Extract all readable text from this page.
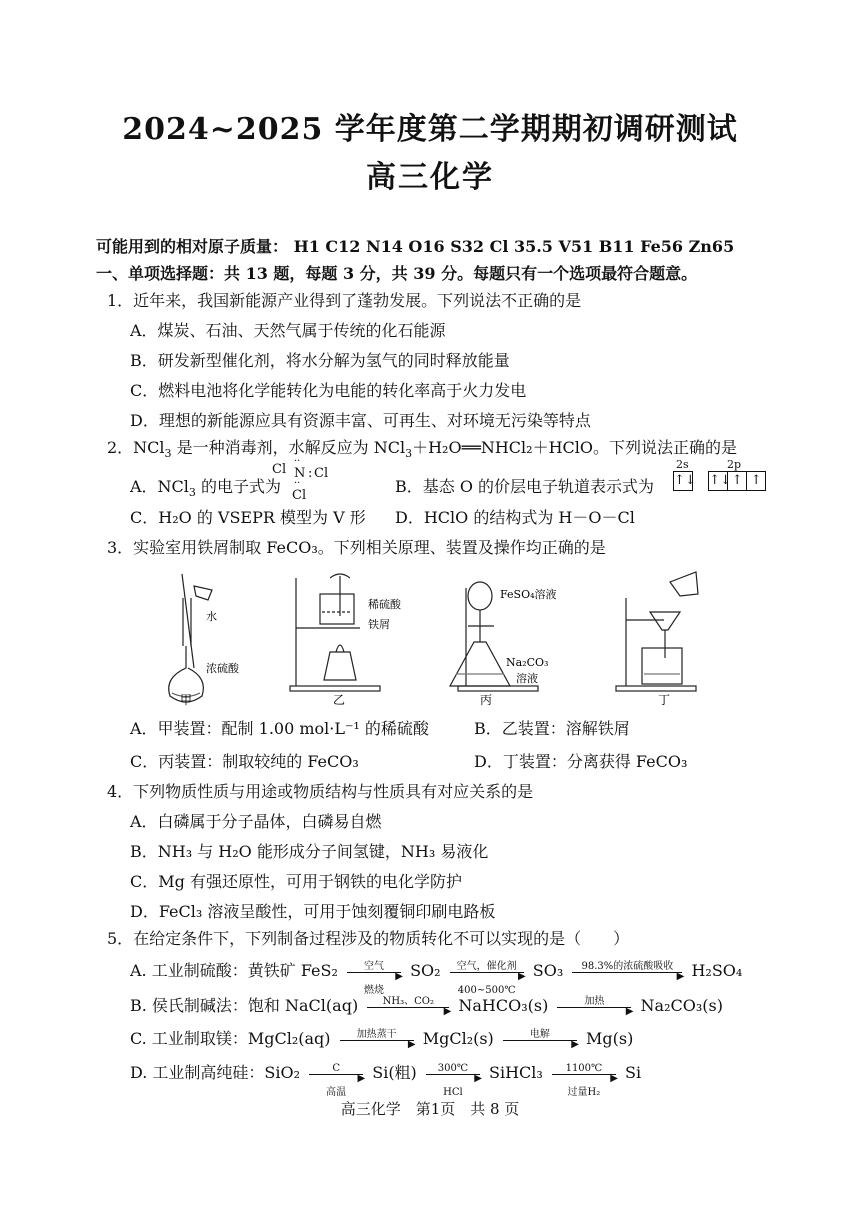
2024~2025 学年度第二学期期初调研测试
高三化学
可能用到的相对原子质量： H1 C12 N14 O16 S32 Cl 35.5 V51 B11 Fe56 Zn65
一、单项选择题：共 13 题，每题 3 分，共 39 分。每题只有一个选项最符合题意。
1．近年来，我国新能源产业得到了蓬勃发展。下列说法不正确的是
A．煤炭、石油、天然气属于传统的化石能源
B．研发新型催化剂，将水分解为氢气的同时释放能量
C．燃料电池将化学能转化为电能的转化率高于火力发电
D．理想的新能源应具有资源丰富、可再生、对环境无污染等特点
2．NCl$_3$ 是一种消毒剂，水解反应为 NCl$_3$＋H₂O══NHCl₂＋HClO。下列说法正确的是
A．NCl$_3$ 的电子式为
Cl
··
N : Cl
··
Cl	B．基态 O 的价层电子轨道表示式为
2s	2p
↑↓ ↑↓↑ ↑
C．H₂O 的 VSEPR 模型为 V 形 D．HClO 的结构式为 H－O－Cl
3．实验室用铁屑制取 FeCO₃。下列相关原理、装置及操作均正确的是
水
浓硫酸
甲
稀硫酸
铁屑
乙
FeSO₄溶液
Na₂CO₃
溶液
丙	丁
A．甲装置：配制 1.00 mol·L⁻¹ 的稀硫酸	B．乙装置：溶解铁屑
C．丙装置：制取较纯的 FeCO₃	D．丁装置：分离获得 FeCO₃
4．下列物质性质与用途或物质结构与性质具有对应关系的是
A．白磷属于分子晶体，白磷易自燃
B．NH₃ 与 H₂O 能形成分子间氢键，NH₃ 易液化
C．Mg 有强还原性，可用于钢铁的电化学防护
D．FeCl₃ 溶液呈酸性，可用于蚀刻覆铜印刷电路板
5．在给定条件下，下列制备过程涉及的物质转化不可以实现的是（　　）
A. 工业制硫酸：黄铁矿 FeS₂	空气
▶
燃烧
SO₂	空气，催化剂
▶
400~500℃
SO₃	98.3%的浓硫酸吸收
▶ H₂SO₄
B. 侯氏制碱法：饱和 NaCl(aq)	NH₃、CO₂
▶ NaHCO₃(s)	加热
▶ Na₂CO₃(s)
C. 工业制取镁：MgCl₂(aq)	加热蒸干
▶ MgCl₂(s)	电解
▶ Mg(s)
D. 工业制高纯硅：SiO₂	C
▶
高温
Si(粗)	300℃
▶
HCl
SiHCl₃	1100℃
▶
过量H₂
Si
高三化学　第1页　共 8 页
